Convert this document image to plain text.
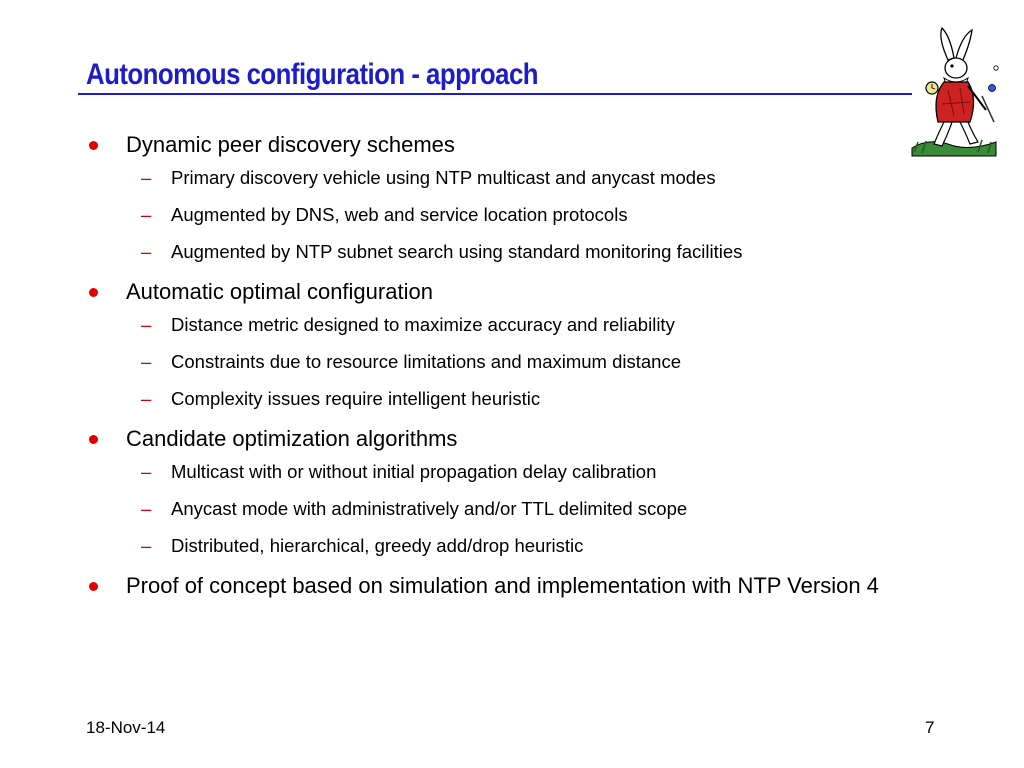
Autonomous configuration - approach
Dynamic peer discovery schemes
– Primary discovery vehicle using NTP multicast and anycast modes
– Augmented by DNS, web and service location protocols
– Augmented by NTP subnet search using standard monitoring facilities
Automatic optimal configuration
– Distance metric designed to maximize accuracy and reliability
– Constraints due to resource limitations and maximum distance
– Complexity issues require intelligent heuristic
Candidate optimization algorithms
– Multicast with or without initial propagation delay calibration
– Anycast mode with administratively and/or TTL delimited scope
– Distributed, hierarchical, greedy add/drop heuristic
Proof of concept based on simulation and implementation with NTP Version 4
18-Nov-14	7
